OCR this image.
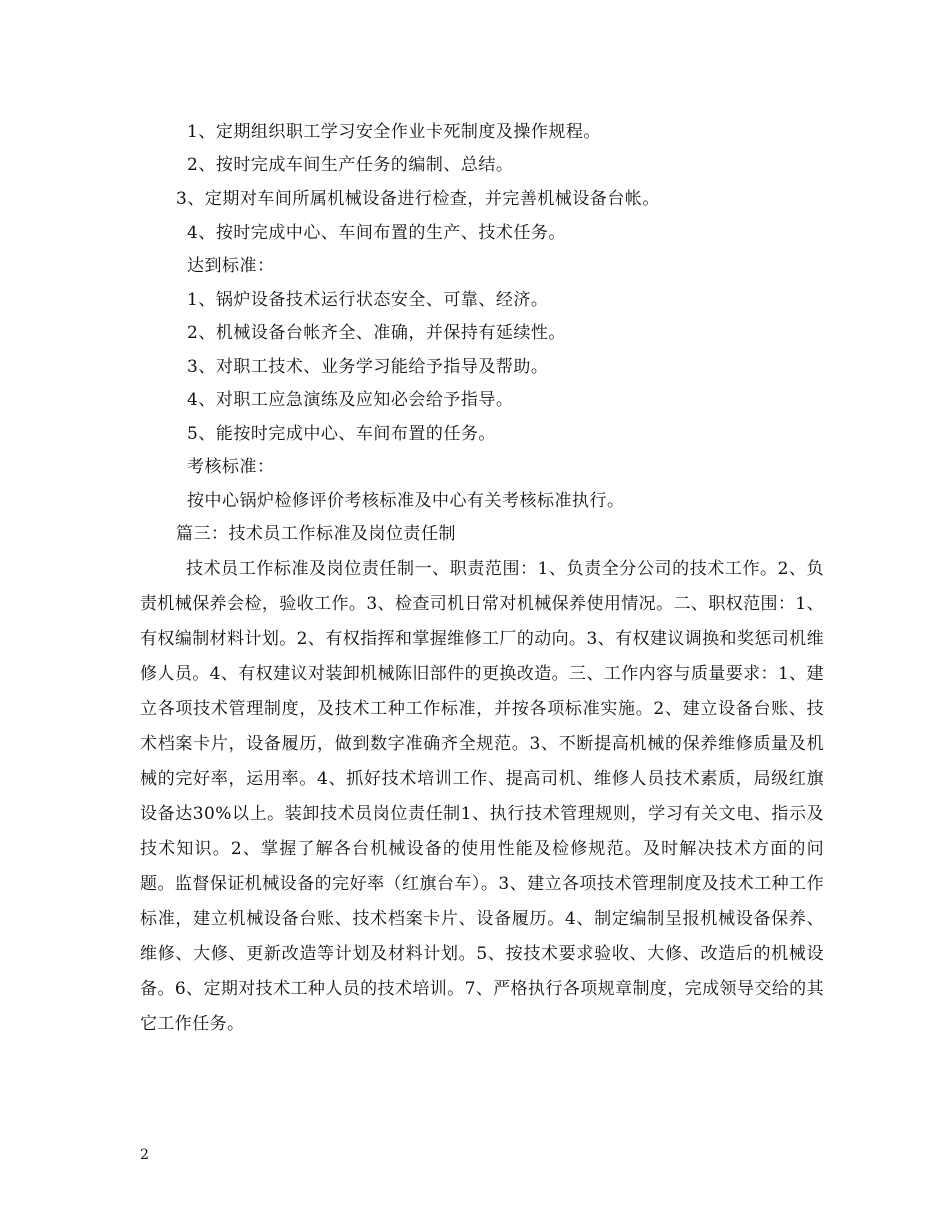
1、定期组织职工学习安全作业卡死制度及操作规程。
2、按时完成车间生产任务的编制、总结。
3、定期对车间所属机械设备进行检查，并完善机械设备台帐。
4、按时完成中心、车间布置的生产、技术任务。
达到标准：
1、锅炉设备技术运行状态安全、可靠、经济。
2、机械设备台帐齐全、准确，并保持有延续性。
3、对职工技术、业务学习能给予指导及帮助。
4、对职工应急演练及应知必会给予指导。
5、能按时完成中心、车间布置的任务。
考核标准：
按中心锅炉检修评价考核标准及中心有关考核标准执行。
篇三：技术员工作标准及岗位责任制
技术员工作标准及岗位责任制一、职责范围：1、负责全分公司的技术工作。2、负责机械保养会检，验收工作。3、检查司机日常对机械保养使用情况。二、职权范围：1、有权编制材料计划。2、有权指挥和掌握维修工厂的动向。3、有权建议调换和奖惩司机维修人员。4、有权建议对装卸机械陈旧部件的更换改造。三、工作内容与质量要求：1、建立各项技术管理制度，及技术工种工作标准，并按各项标准实施。2、建立设备台账、技术档案卡片，设备履历，做到数字准确齐全规范。3、不断提高机械的保养维修质量及机械的完好率，运用率。4、抓好技术培训工作、提高司机、维修人员技术素质，局级红旗设备达30%以上。装卸技术员岗位责任制1、执行技术管理规则，学习有关文电、指示及技术知识。2、掌握了解各台机械设备的使用性能及检修规范。及时解决技术方面的问题。监督保证机械设备的完好率（红旗台车）。3、建立各项技术管理制度及技术工种工作标准，建立机械设备台账、技术档案卡片、设备履历。4、制定编制呈报机械设备保养、维修、大修、更新改造等计划及材料计划。5、按技术要求验收、大修、改造后的机械设备。6、定期对技术工种人员的技术培训。7、严格执行各项规章制度，完成领导交给的其它工作任务。
2
